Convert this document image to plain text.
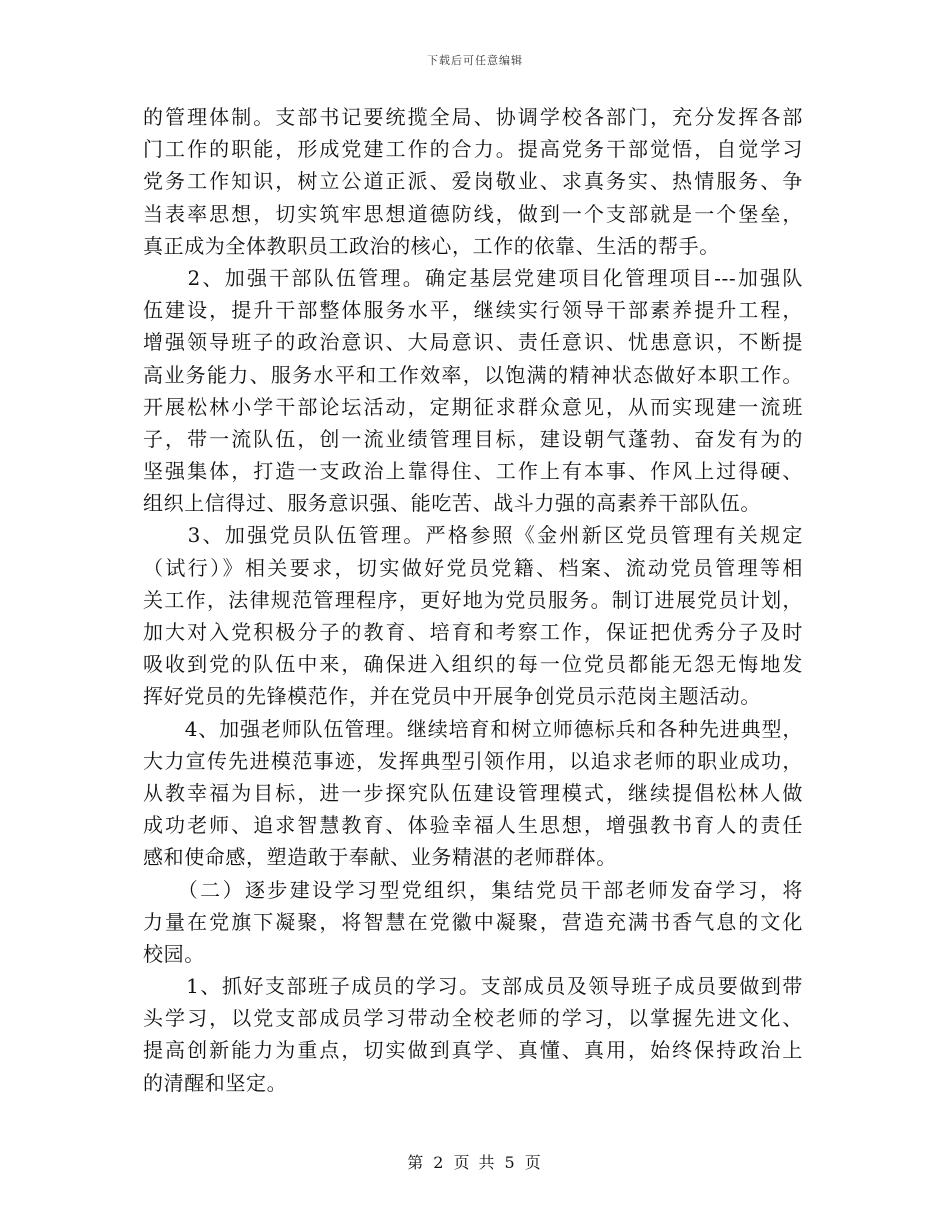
下载后可任意编辑
的管理体制。支部书记要统揽全局、协调学校各部门，充分发挥各部
门工作的职能，形成党建工作的合力。提高党务干部觉悟，自觉学习
党务工作知识，树立公道正派、爱岗敬业、求真务实、热情服务、争
当表率思想，切实筑牢思想道德防线，做到一个支部就是一个堡垒，
真正成为全体教职员工政治的核心，工作的依靠、生活的帮手。
　　2、加强干部队伍管理。确定基层党建项目化管理项目---加强队
伍建设，提升干部整体服务水平，继续实行领导干部素养提升工程，
增强领导班子的政治意识、大局意识、责任意识、忧患意识，不断提
高业务能力、服务水平和工作效率，以饱满的精神状态做好本职工作。
开展松林小学干部论坛活动，定期征求群众意见，从而实现建一流班
子，带一流队伍，创一流业绩管理目标，建设朝气蓬勃、奋发有为的
坚强集体，打造一支政治上靠得住、工作上有本事、作风上过得硬、
组织上信得过、服务意识强、能吃苦、战斗力强的高素养干部队伍。
　　3、加强党员队伍管理。严格参照《金州新区党员管理有关规定
（试行）》相关要求，切实做好党员党籍、档案、流动党员管理等相
关工作，法律规范管理程序，更好地为党员服务。制订进展党员计划，
加大对入党积极分子的教育、培育和考察工作，保证把优秀分子及时
吸收到党的队伍中来，确保进入组织的每一位党员都能无怨无悔地发
挥好党员的先锋模范作，并在党员中开展争创党员示范岗主题活动。
　　4、加强老师队伍管理。继续培育和树立师德标兵和各种先进典型，
大力宣传先进模范事迹，发挥典型引领作用，以追求老师的职业成功，
从教幸福为目标，进一步探究队伍建设管理模式，继续提倡松林人做
成功老师、追求智慧教育、体验幸福人生思想，增强教书育人的责任
感和使命感，塑造敢于奉献、业务精湛的老师群体。
　　（二）逐步建设学习型党组织，集结党员干部老师发奋学习，将
力量在党旗下凝聚，将智慧在党徽中凝聚，营造充满书香气息的文化
校园。
　　1、抓好支部班子成员的学习。支部成员及领导班子成员要做到带
头学习，以党支部成员学习带动全校老师的学习，以掌握先进文化、
提高创新能力为重点，切实做到真学、真懂、真用，始终保持政治上
的清醒和坚定。
第 2 页 共 5 页
